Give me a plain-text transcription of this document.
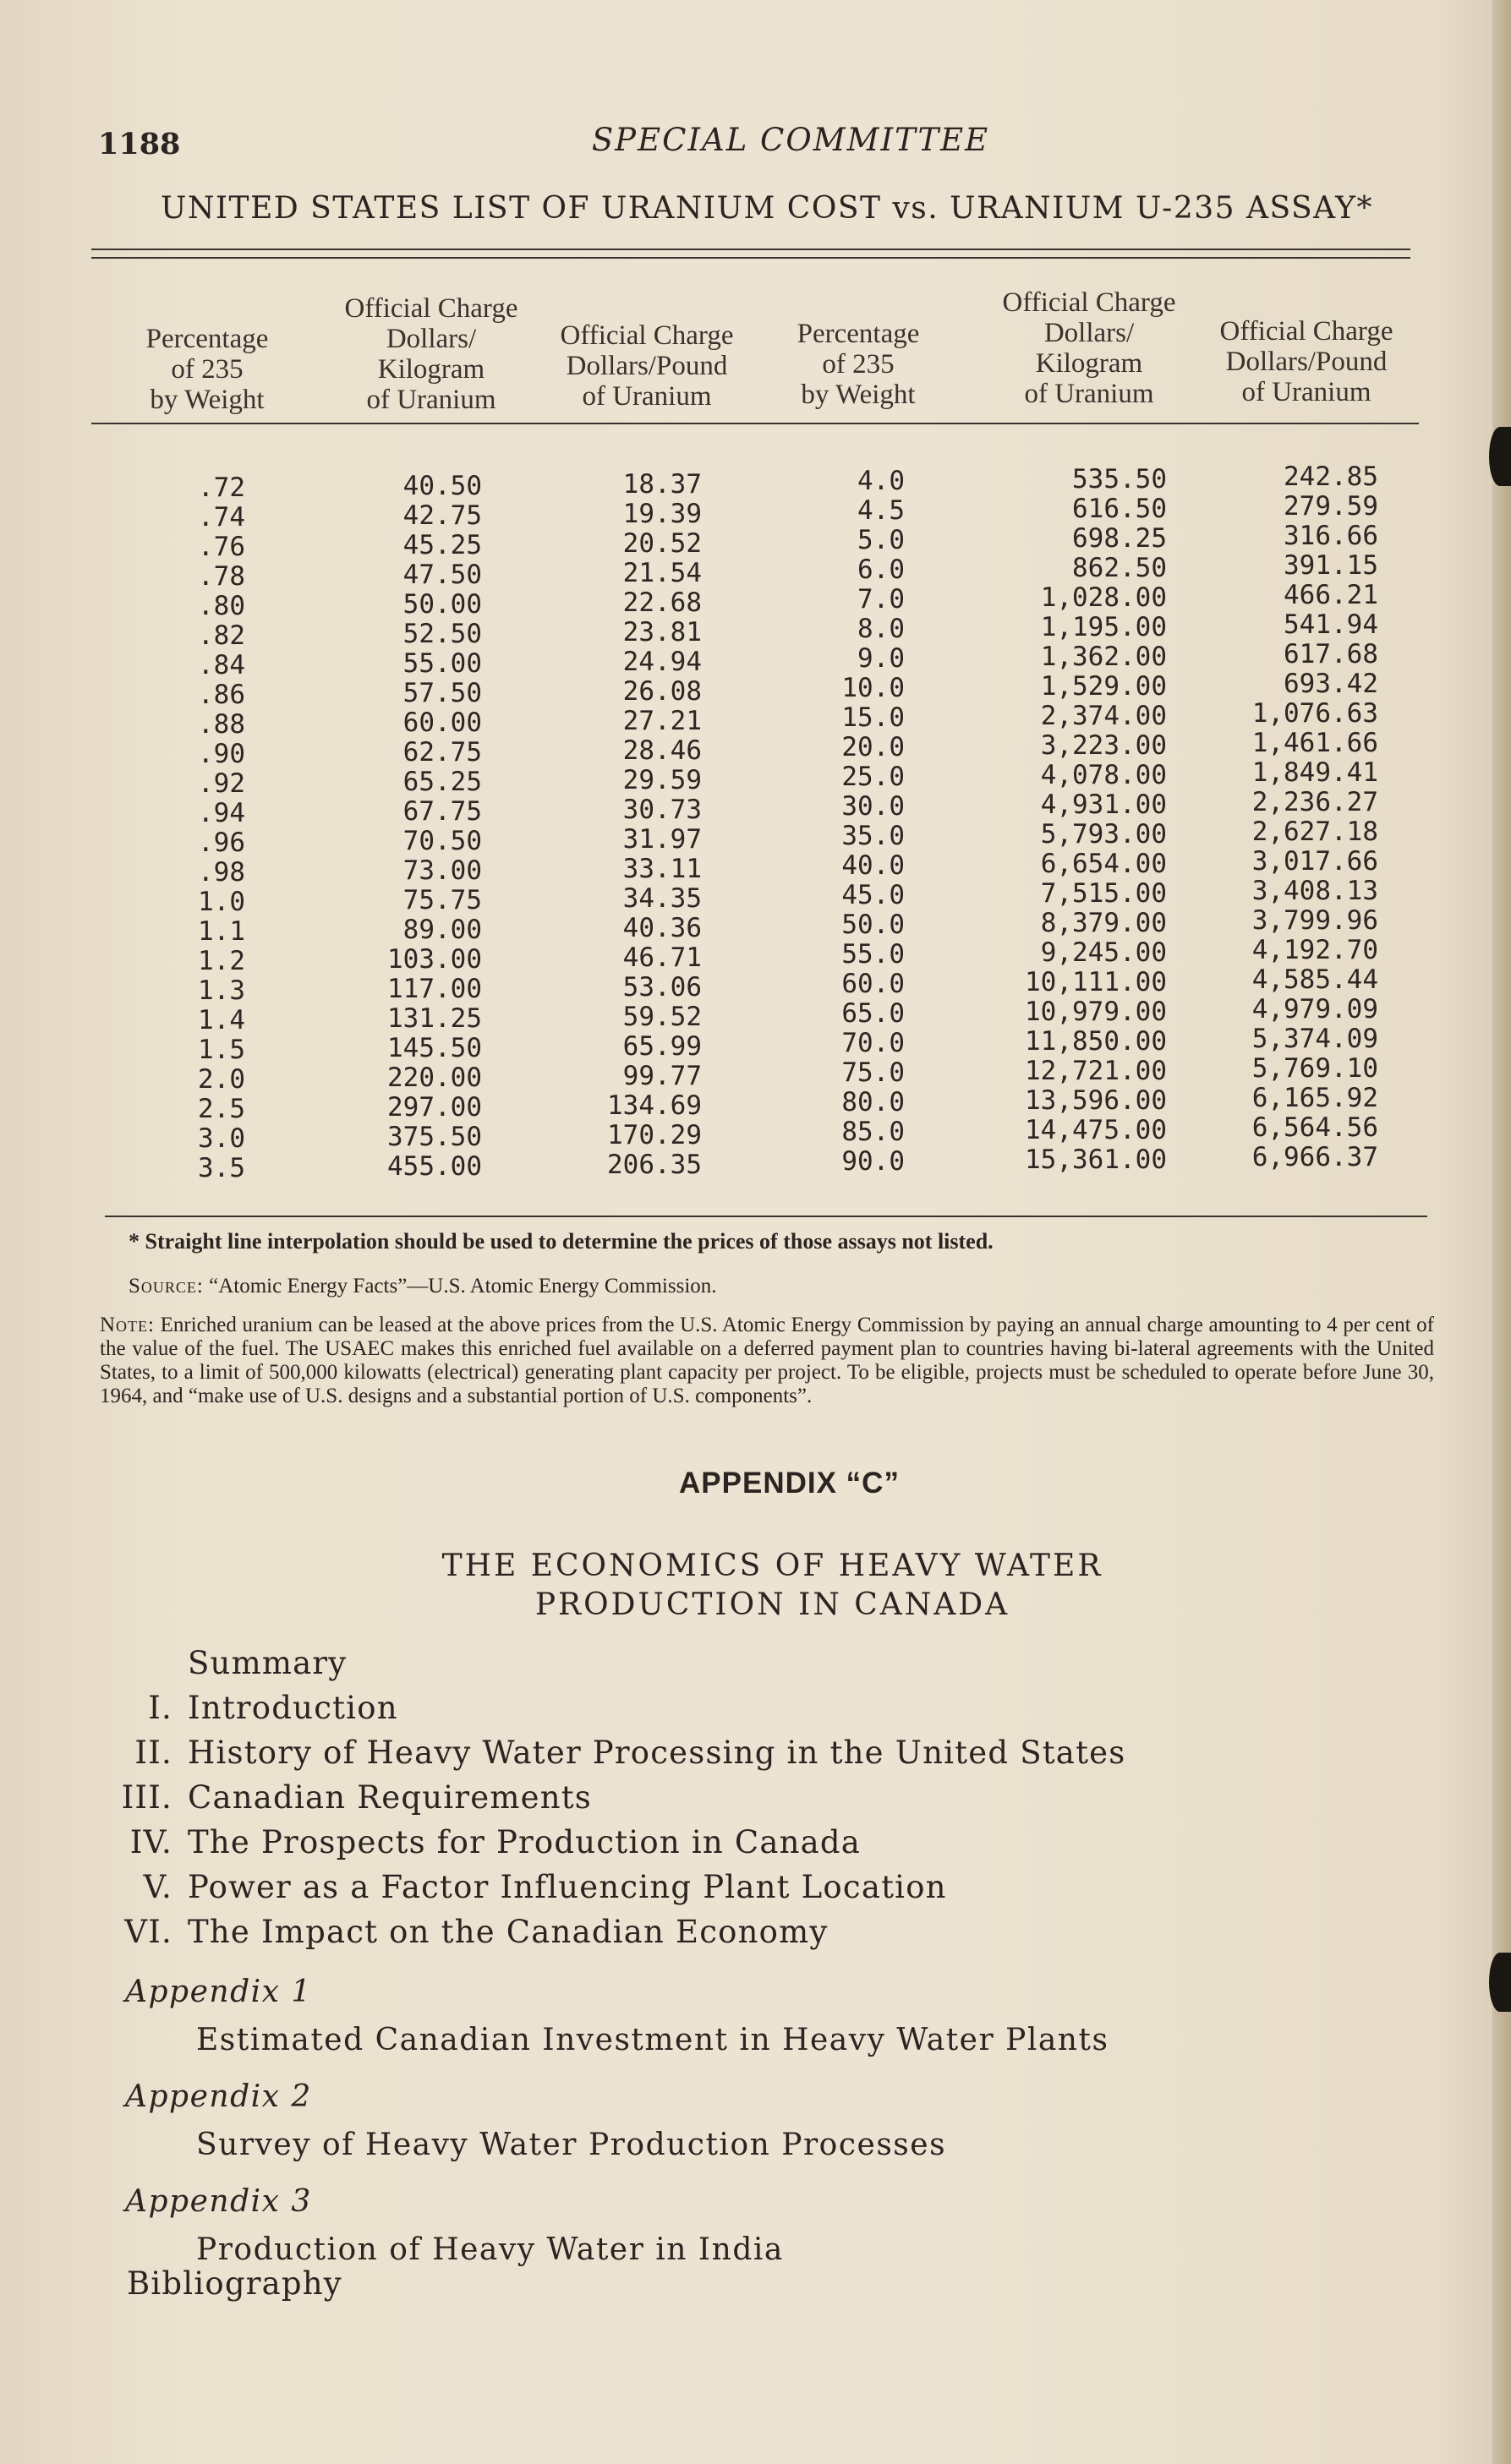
1188	SPECIAL COMMITTEE
UNITED STATES LIST OF URANIUM COST vs. URANIUM U-235 ASSAY*
Percentage
of 235
by Weight
Official Charge
Dollars/
Kilogram
of Uranium
Official Charge
Dollars/Pound
of Uranium
Percentage
of 235
by Weight
Official Charge
Dollars/
Kilogram
of Uranium
Official Charge
Dollars/Pound
of Uranium
.72
.74
.76
.78
.80
.82
.84
.86
.88
.90
.92
.94
.96
.98
1.0
1.1
1.2
1.3
1.4
1.5
2.0
2.5
3.0
3.5
40.50
42.75
45.25
47.50
50.00
52.50
55.00
57.50
60.00
62.75
65.25
67.75
70.50
73.00
75.75
89.00
103.00
117.00
131.25
145.50
220.00
297.00
375.50
455.00
18.37
19.39
20.52
21.54
22.68
23.81
24.94
26.08
27.21
28.46
29.59
30.73
31.97
33.11
34.35
40.36
46.71
53.06
59.52
65.99
99.77
134.69
170.29
206.35
4.0
4.5
5.0
6.0
7.0
8.0
9.0
10.0
15.0
20.0
25.0
30.0
35.0
40.0
45.0
50.0
55.0
60.0
65.0
70.0
75.0
80.0
85.0
90.0
535.50
616.50
698.25
862.50
1,028.00
1,195.00
1,362.00
1,529.00
2,374.00
3,223.00
4,078.00
4,931.00
5,793.00
6,654.00
7,515.00
8,379.00
9,245.00
10,111.00
10,979.00
11,850.00
12,721.00
13,596.00
14,475.00
15,361.00
242.85
279.59
316.66
391.15
466.21
541.94
617.68
693.42
1,076.63
1,461.66
1,849.41
2,236.27
2,627.18
3,017.66
3,408.13
3,799.96
4,192.70
4,585.44
4,979.09
5,374.09
5,769.10
6,165.92
6,564.56
6,966.37
* Straight line interpolation should be used to determine the prices of those assays not listed.
Source: “Atomic Energy Facts”—U.S. Atomic Energy Commission.
Note: Enriched uranium can be leased at the above prices from the U.S. Atomic Energy Commission by paying an annual charge amounting to 4 per cent of the value of the fuel. The USAEC makes this enriched fuel available on a deferred payment plan to countries having bi-lateral agreements with the United States, to a limit of 500,000 kilowatts (electrical) generating plant capacity per project. To be eligible, projects must be scheduled to operate before June 30, 1964, and “make use of U.S. designs and a substantial portion of U.S. components”.
APPENDIX “C”
THE ECONOMICS OF HEAVY WATER
PRODUCTION IN CANADA
Summary
I. Introduction
II. History of Heavy Water Processing in the United States
III. Canadian Requirements
IV. The Prospects for Production in Canada
V. Power as a Factor Influencing Plant Location
VI. The Impact on the Canadian Economy
Appendix 1
Estimated Canadian Investment in Heavy Water Plants
Appendix 2
Survey of Heavy Water Production Processes
Appendix 3
Production of Heavy Water in India
Bibliography
